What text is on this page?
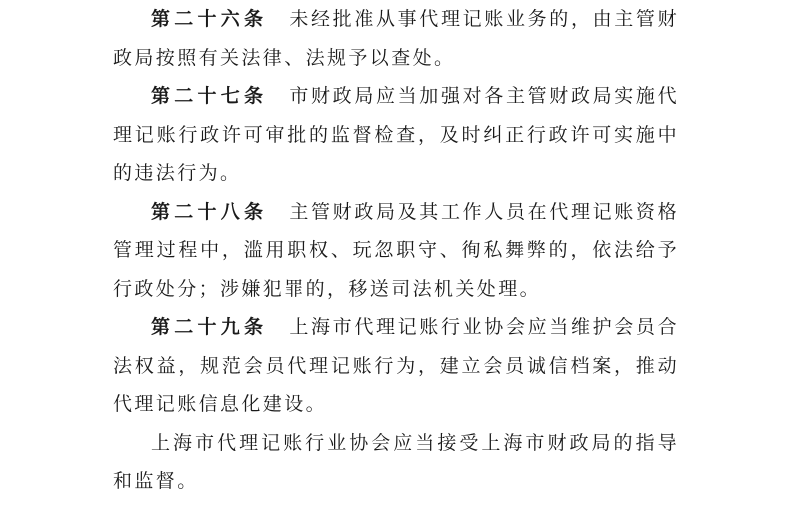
第二十六条 未经批准从事代理记账业务的，由主管财政局按照有关法律、法规予以查处。

第二十七条 市财政局应当加强对各主管财政局实施代理记账行政许可审批的监督检查，及时纠正行政许可实施中的违法行为。

第二十八条 主管财政局及其工作人员在代理记账资格管理过程中，滥用职权、玩忽职守、徇私舞弊的，依法给予行政处分；涉嫌犯罪的，移送司法机关处理。

第二十九条 上海市代理记账行业协会应当维护会员合法权益，规范会员代理记账行为，建立会员诚信档案，推动代理记账信息化建设。

上海市代理记账行业协会应当接受上海市财政局的指导和监督。
